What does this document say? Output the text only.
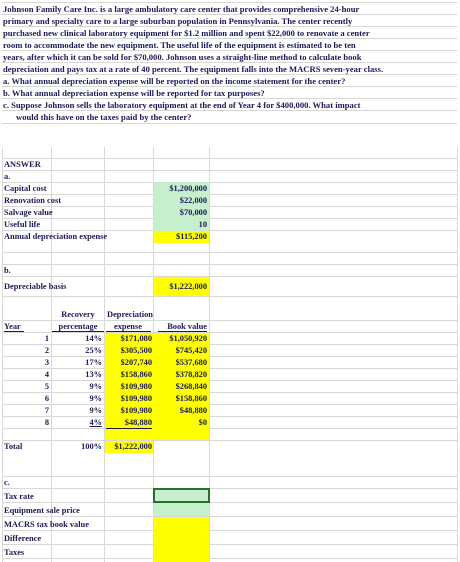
Johnson Family Care Inc. is a large ambulatory care center that provides comprehensive 24-hour
primary and specialty care to a large suburban population in Pennsylvania. The center recently
purchased new clinical laboratory equipment for $1.2 million and spent $22,000 to renovate a center
room to accommodate the new equipment. The useful life of the equipment is estimated to be ten
years, after which it can be sold for $70,000. Johnson uses a straight-line method to calculate book
depreciation and pays tax at a rate of 40 percent. The equipment falls into the MACRS seven-year class.
a. What annual depreciation expense will be reported on the income statement for the center?
b. What annual depreciation expense will be reported for tax purposes?
c. Suppose Johnson sells the laboratory equipment at the end of Year 4 for $400,000. What impact
would this have on the taxes paid by the center?
ANSWER
a.
Capital cost	$1,200,000
Renovation cost	$22,000
Salvage value	$70,000
Useful life	10
Annual depreciation expense	$115,200
b.
Depreciable basis	$1,222,000
Recovery	Depreciation
Year	percentage	expense	Book value
1	14%	$171,080	$1,050,920
2	25%	$305,500	$745,420
3	17%	$207,740	$537,680
4	13%	$158,860	$378,820
5	9%	$109,980	$268,840
6	9%	$109,980	$158,860
7	9%	$109,980	$48,880
8	4%	$48,880	$0
Total	100%	$1,222,000
c.
Tax rate
Equipment sale price
MACRS tax book value
Difference
Taxes
